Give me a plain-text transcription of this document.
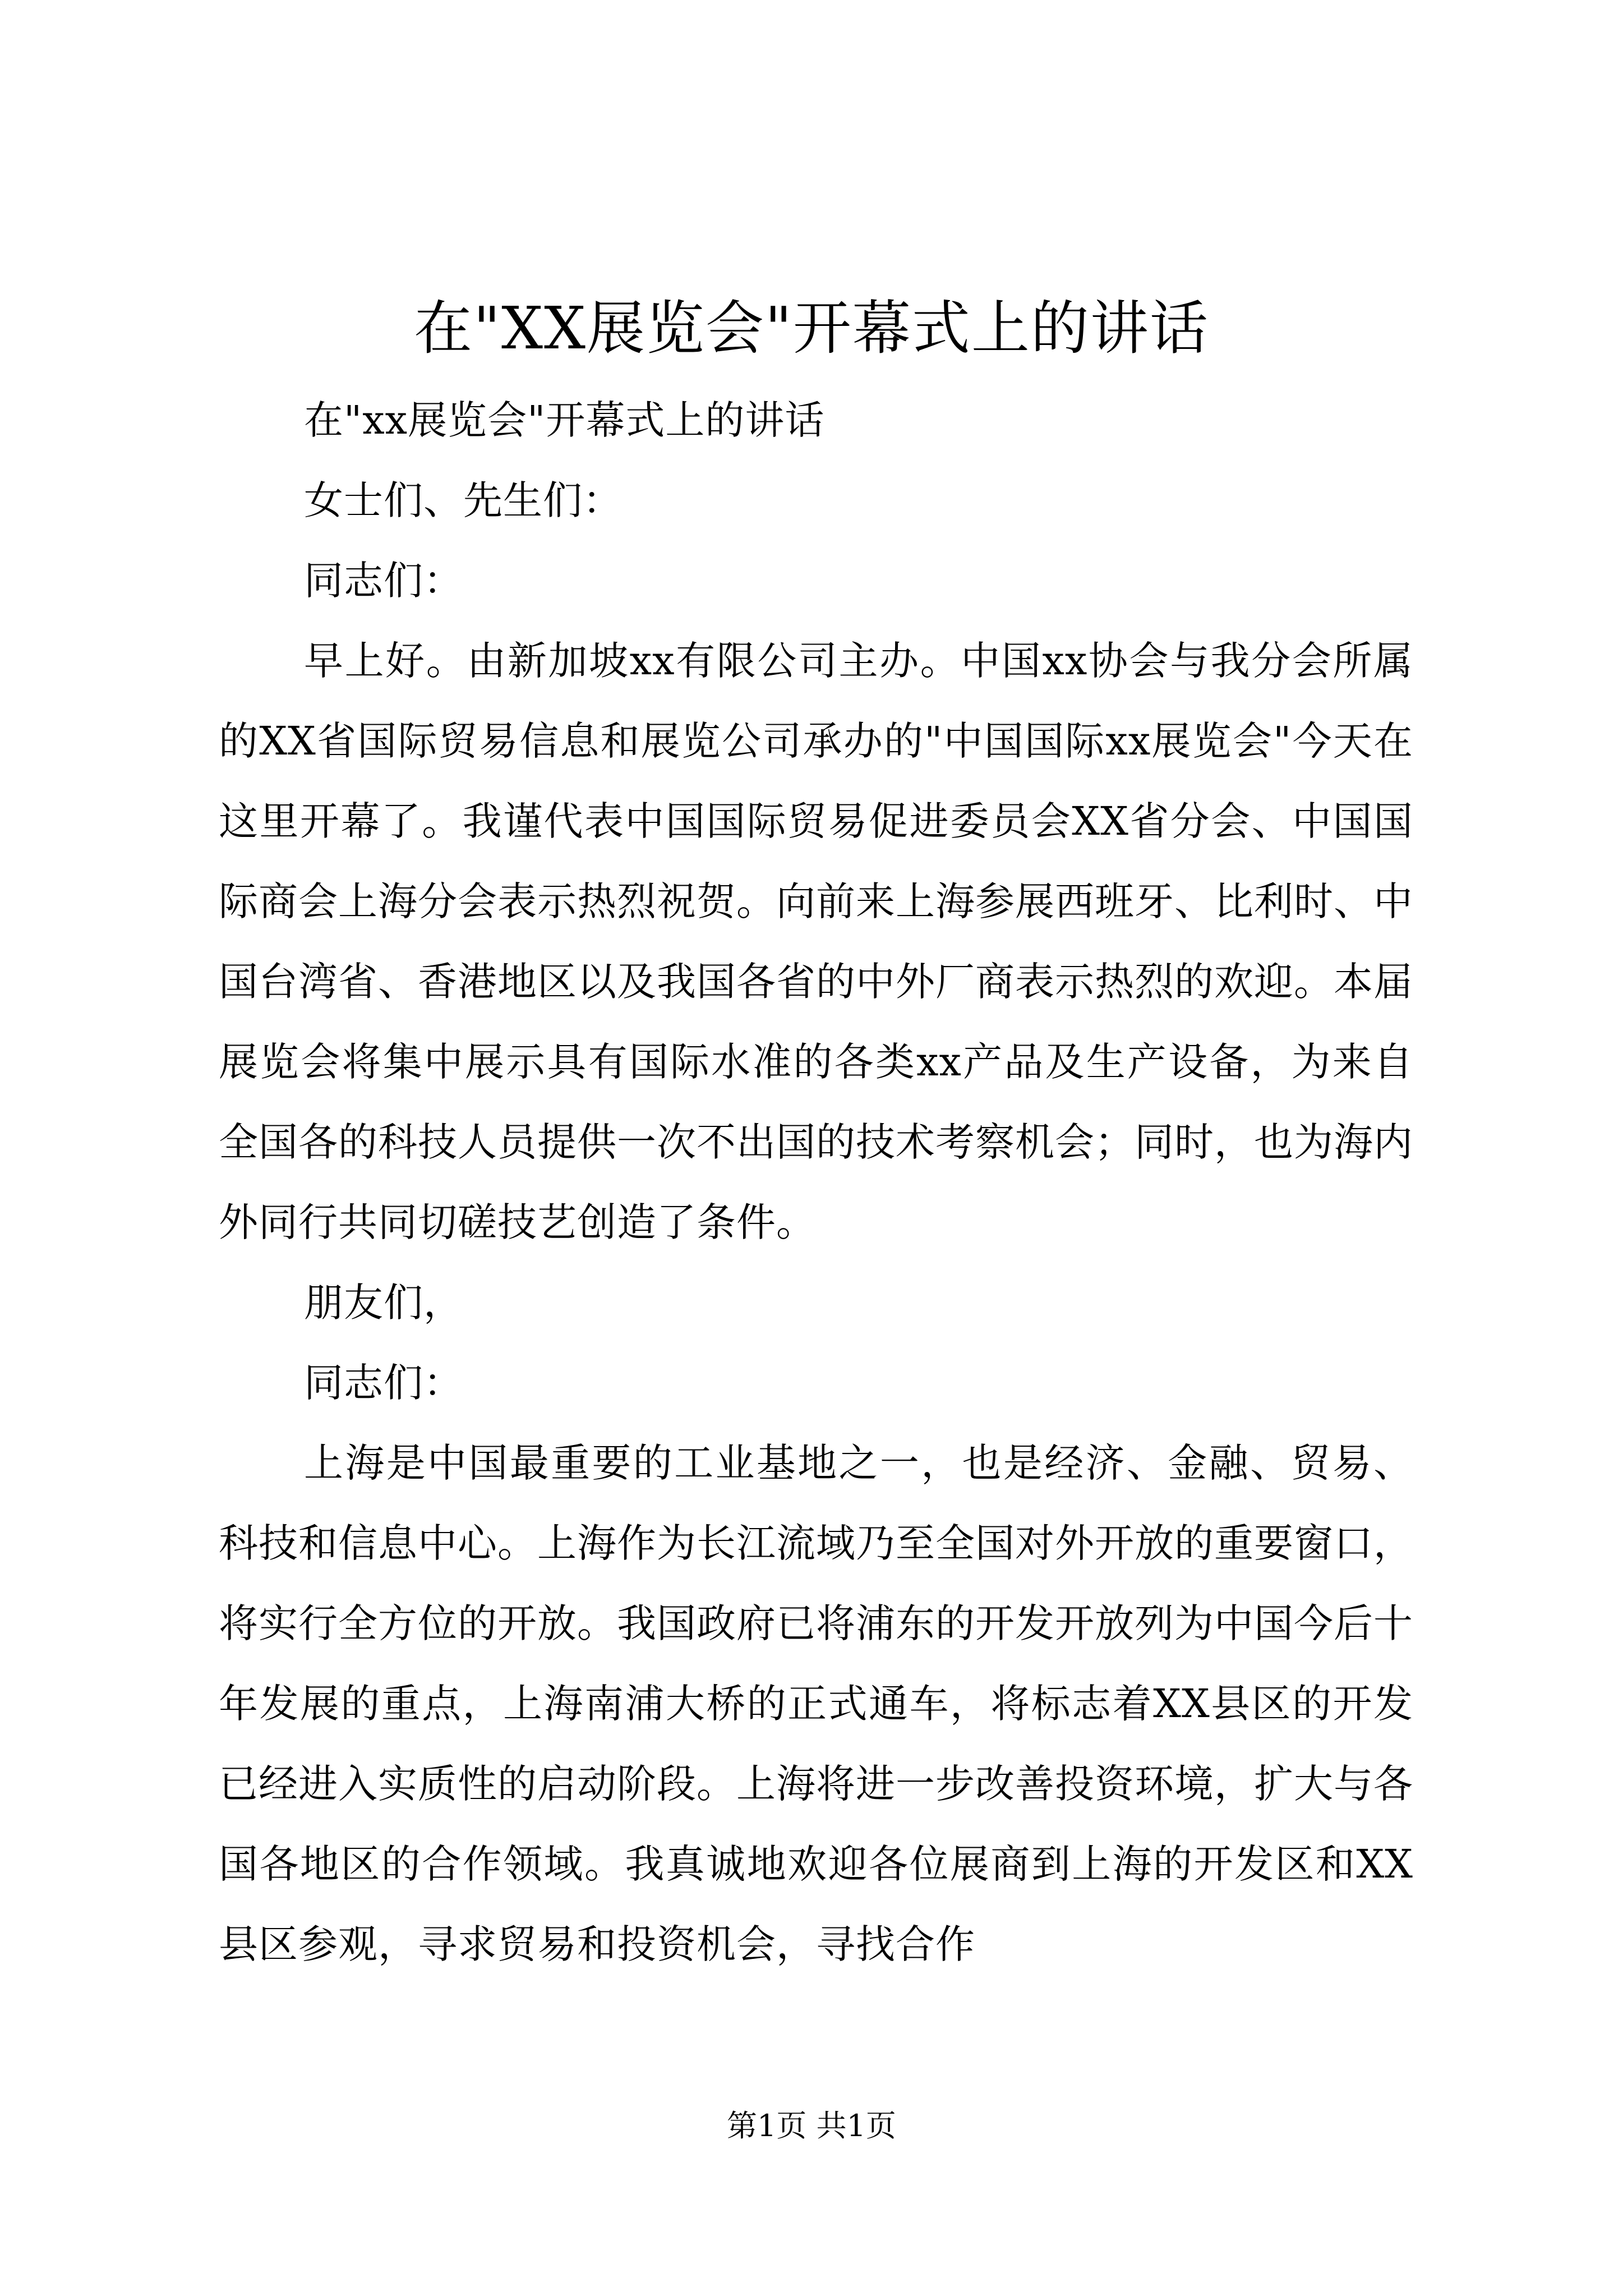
在"XX展览会"开幕式上的讲话

在"xx展览会"开幕式上的讲话

女士们、先生们：

同志们：

早上好。由新加坡xx有限公司主办。中国xx协会与我分会所属的XX省国际贸易信息和展览公司承办的"中国国际xx展览会"今天在这里开幕了。我谨代表中国国际贸易促进委员会XX省分会、中国国际商会上海分会表示热烈祝贺。向前来上海参展西班牙、比利时、中国台湾省、香港地区以及我国各省的中外厂商表示热烈的欢迎。本届展览会将集中展示具有国际水准的各类xx产品及生产设备，为来自全国各的科技人员提供一次不出国的技术考察机会；同时，也为海内外同行共同切磋技艺创造了条件。

朋友们，

同志们：

上海是中国最重要的工业基地之一，也是经济、金融、贸易、科技和信息中心。上海作为长江流域乃至全国对外开放的重要窗口，将实行全方位的开放。我国政府已将浦东的开发开放列为中国今后十年发展的重点，上海南浦大桥的正式通车，将标志着XX县区的开发已经进入实质性的启动阶段。上海将进一步改善投资环境，扩大与各国各地区的合作领域。我真诚地欢迎各位展商到上海的开发区和XX县区参观，寻求贸易和投资机会，寻找合作

第1页 共1页
